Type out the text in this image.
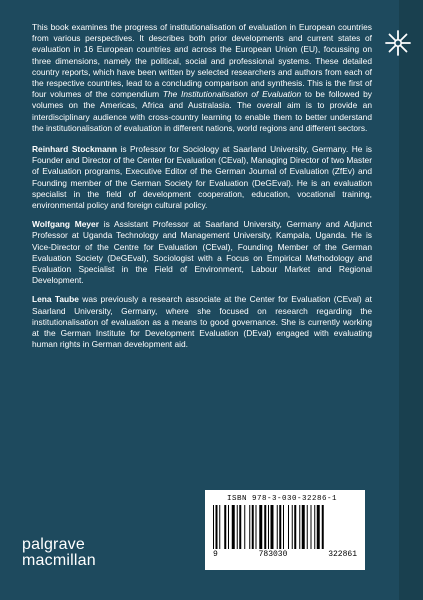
This book examines the progress of institutionalisation of evaluation in European countries from various perspectives. It describes both prior developments and current states of evaluation in 16 European countries and across the European Union (EU), focussing on three dimensions, namely the political, social and professional systems. These detailed country reports, which have been written by selected researchers and authors from each of the respective countries, lead to a concluding comparison and synthesis. This is the first of four volumes of the compendium The Institutionalisation of Evaluation to be followed by volumes on the Americas, Africa and Australasia. The overall aim is to provide an interdisciplinary audience with cross-country learning to enable them to better understand the institutionalisation of evaluation in different nations, world regions and different sectors.

Reinhard Stockmann is Professor for Sociology at Saarland University, Germany. He is Founder and Director of the Center for Evaluation (CEval), Managing Director of two Master of Evaluation programs, Executive Editor of the German Journal of Evaluation (ZfEv) and Founding member of the German Society for Evaluation (DeGEval). He is an evaluation specialist in the field of development cooperation, education, vocational training, environmental policy and foreign cultural policy.

Wolfgang Meyer is Assistant Professor at Saarland University, Germany and Adjunct Professor at Uganda Technology and Management University, Kampala, Uganda. He is Vice-Director of the Centre for Evaluation (CEval), Founding Member of the German Evaluation Society (DeGEval), Sociologist with a Focus on Empirical Methodology and Evaluation Specialist in the Field of Environment, Labour Market and Regional Development.

Lena Taube was previously a research associate at the Center for Evaluation (CEval) at Saarland University, Germany, where she focused on research regarding the institutionalisation of evaluation as a means to good governance. She is currently working at the German Institute for Development Evaluation (DEval) engaged with evaluating human rights in German development aid.

ISBN 978-3-030-32286-1
9	783030	322861
www.palgrave.com
palgrave
macmillan
